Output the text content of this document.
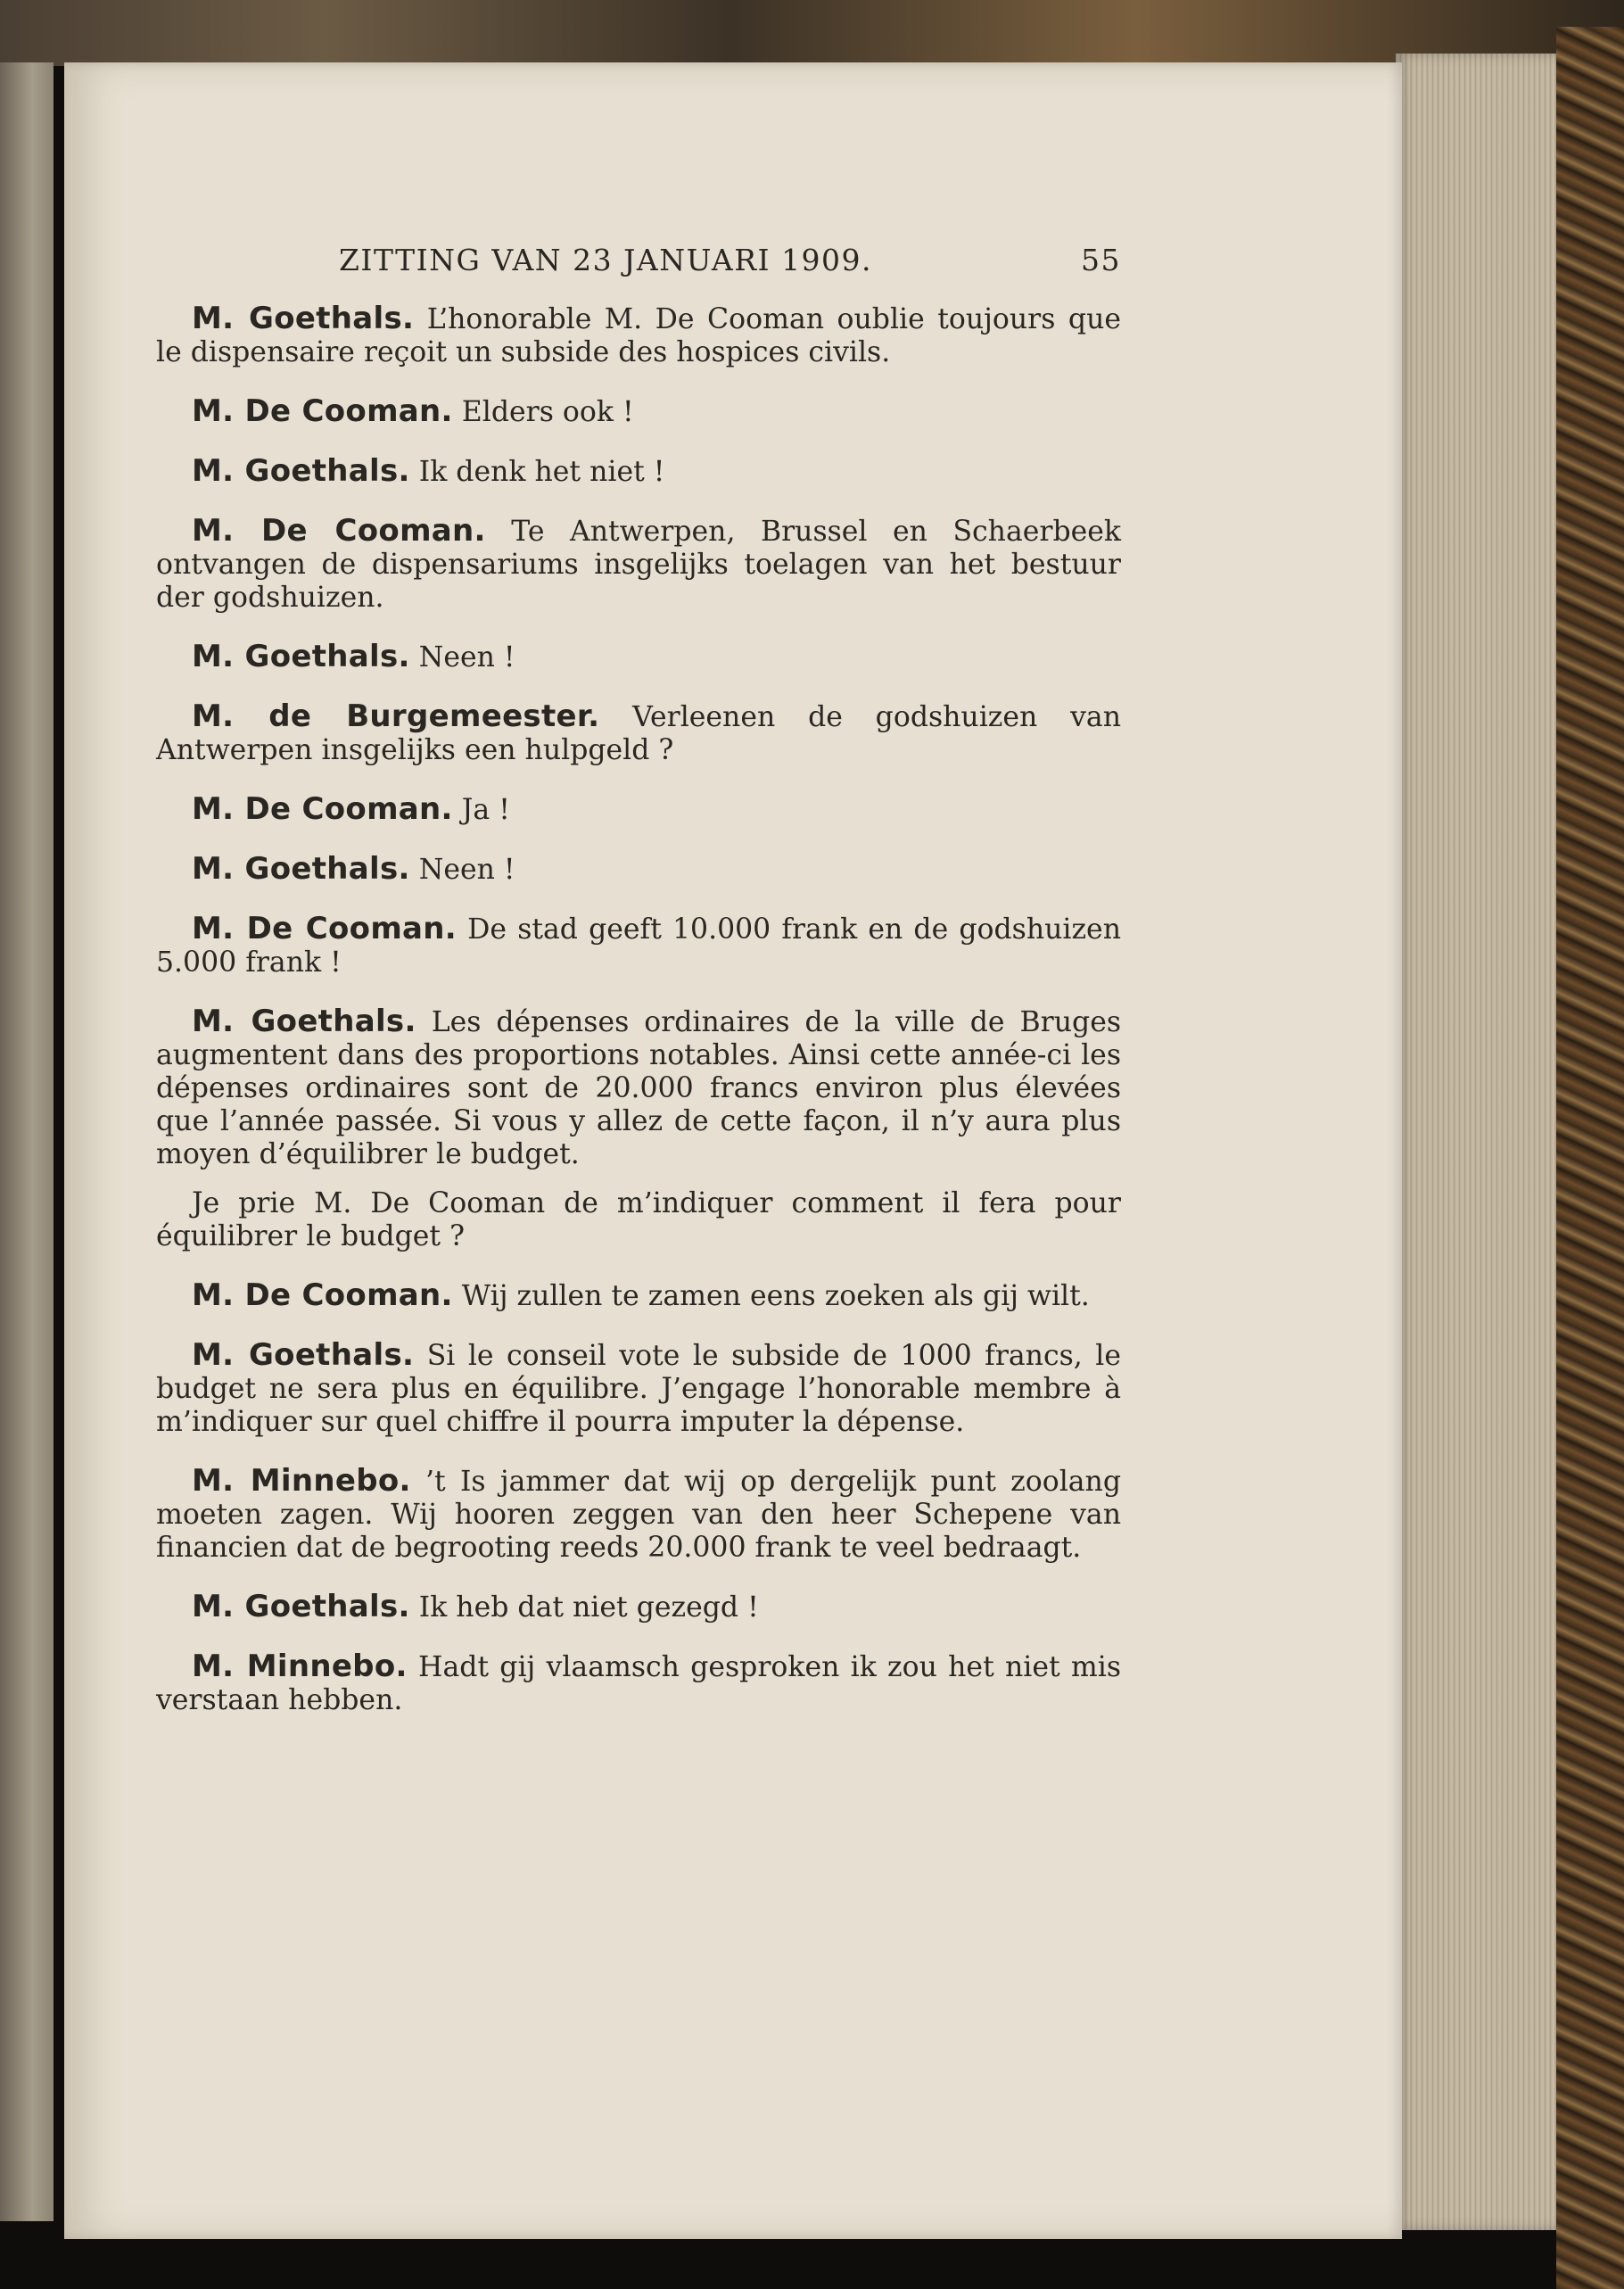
ZITTING VAN 23 JANUARI 1909.	55

M. Goethals. L’honorable M. De Cooman oublie toujours que le dispensaire reçoit un subside des hospices civils.

M. De Cooman. Elders ook !

M. Goethals. Ik denk het niet !

M. De Cooman. Te Antwerpen, Brussel en Schaerbeek ontvangen de dispensariums insgelijks toelagen van het bestuur der godshuizen.

M. Goethals. Neen !

M. de Burgemeester. Verleenen de godshuizen van Antwerpen insgelijks een hulpgeld ?

M. De Cooman. Ja !

M. Goethals. Neen !

M. De Cooman. De stad geeft 10.000 frank en de godshuizen 5.000 frank !

M. Goethals. Les dépenses ordinaires de la ville de Bruges augmentent dans des proportions notables. Ainsi cette année-ci les dépenses ordinaires sont de 20.000 francs environ plus élevées que l’année passée. Si vous y allez de cette façon, il n’y aura plus moyen d’équilibrer le budget.

Je prie M. De Cooman de m’indiquer comment il fera pour équilibrer le budget ?

M. De Cooman. Wij zullen te zamen eens zoeken als gij wilt.

M. Goethals. Si le conseil vote le subside de 1000 francs, le budget ne sera plus en équilibre. J’engage l’honorable membre à m’indiquer sur quel chiffre il pourra imputer la dépense.

M. Minnebo. ’t Is jammer dat wij op dergelijk punt zoolang moeten zagen. Wij hooren zeggen van den heer Schepene van financien dat de begrooting reeds 20.000 frank te veel bedraagt.

M. Goethals. Ik heb dat niet gezegd !

M. Minnebo. Hadt gij vlaamsch gesproken ik zou het niet mis verstaan hebben.
